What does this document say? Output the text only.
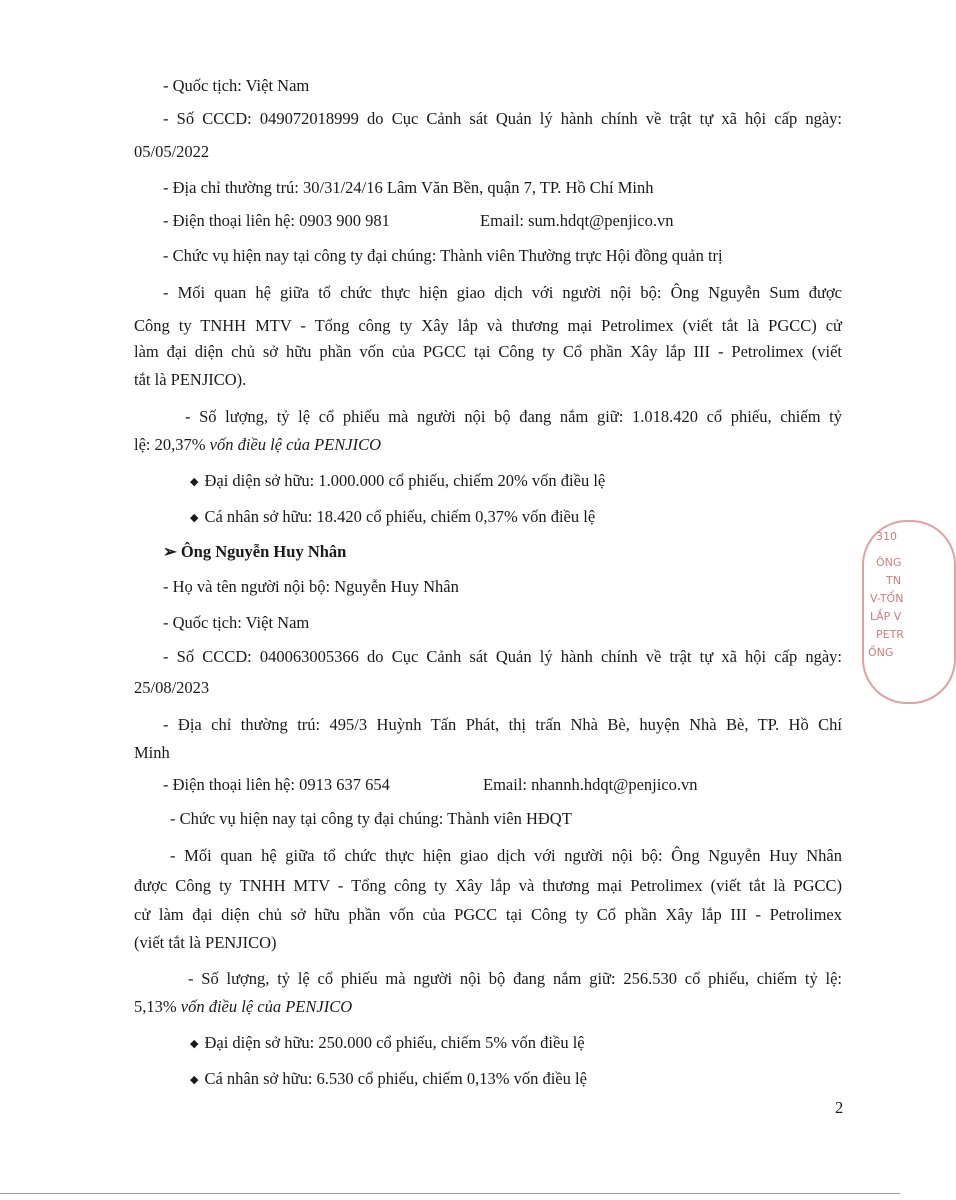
- Quốc tịch: Việt Nam
- Số CCCD: 049072018999 do Cục Cảnh sát Quản lý hành chính về trật tự xã hội cấp ngày:
05/05/2022
- Địa chỉ thường trú: 30/31/24/16 Lâm Văn Bền, quận 7, TP. Hồ Chí Minh
- Điện thoại liên hệ: 0903 900 981	Email: sum.hdqt@penjico.vn
- Chức vụ hiện nay tại công ty đại chúng: Thành viên Thường trực Hội đồng quản trị
- Mối quan hệ giữa tổ chức thực hiện giao dịch với người nội bộ: Ông Nguyễn Sum được
Công ty TNHH MTV - Tổng công ty Xây lắp và thương mại Petrolimex (viết tắt là PGCC) cử
làm đại diện chủ sở hữu phần vốn của PGCC tại Công ty Cổ phần Xây lắp III - Petrolimex (viết
tắt là PENJICO).
- Số lượng, tỷ lệ cổ phiếu mà người nội bộ đang nắm giữ: 1.018.420 cổ phiếu, chiếm tỷ
lệ: 20,37% vốn điều lệ của PENJICO
◆ Đại diện sở hữu: 1.000.000 cổ phiếu, chiếm 20% vốn điều lệ
◆ Cá nhân sở hữu: 18.420 cổ phiếu, chiếm 0,37% vốn điều lệ
➢ Ông Nguyễn Huy Nhân
- Họ và tên người nội bộ: Nguyễn Huy Nhân
- Quốc tịch: Việt Nam
- Số CCCD: 040063005366 do Cục Cảnh sát Quản lý hành chính về trật tự xã hội cấp ngày:
25/08/2023
- Địa chỉ thường trú: 495/3 Huỳnh Tấn Phát, thị trấn Nhà Bè, huyện Nhà Bè, TP. Hồ Chí
Minh
- Điện thoại liên hệ: 0913 637 654	Email: nhannh.hdqt@penjico.vn
- Chức vụ hiện nay tại công ty đại chúng: Thành viên HĐQT
- Mối quan hệ giữa tổ chức thực hiện giao dịch với người nội bộ: Ông Nguyễn Huy Nhân
được Công ty TNHH MTV - Tổng công ty Xây lắp và thương mại Petrolimex (viết tắt là PGCC)
cử làm đại diện chủ sở hữu phần vốn của PGCC tại Công ty Cổ phần Xây lắp III - Petrolimex
(viết tắt là PENJICO)
- Số lượng, tỷ lệ cổ phiếu mà người nội bộ đang nắm giữ: 256.530 cổ phiếu, chiếm tỷ lệ:
5,13% vốn điều lệ của PENJICO
◆ Đại diện sở hữu: 250.000 cổ phiếu, chiếm 5% vốn điều lệ
◆ Cá nhân sở hữu: 6.530 cổ phiếu, chiếm 0,13% vốn điều lệ
2
310
ÔNG
TN
V-TỔN
LẮP V
PETR
ỒNG
